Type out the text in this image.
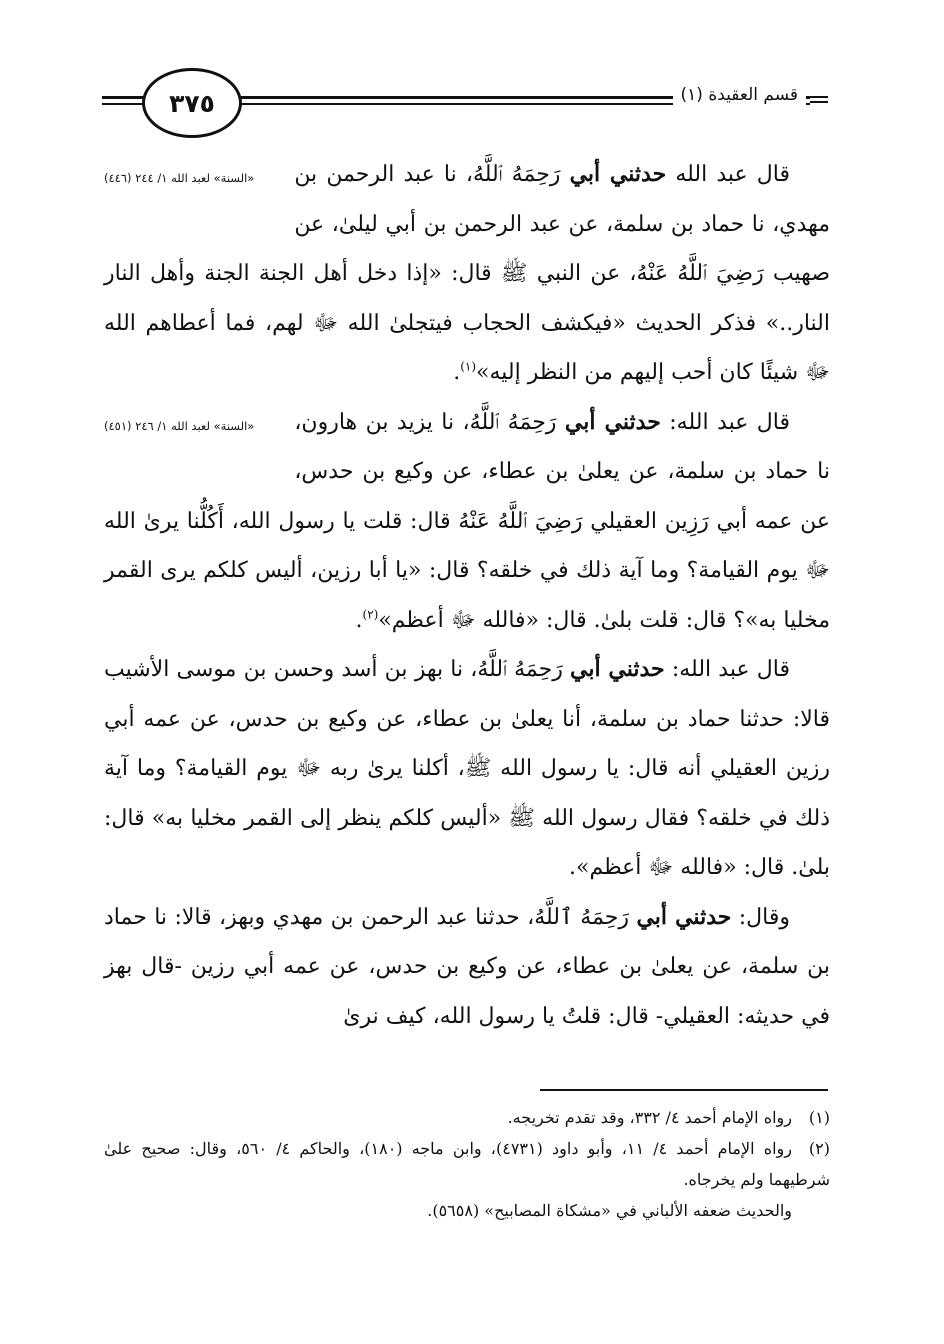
٣٧٥	قسم العقيدة (١)

«السنة» لعبد الله ١/ ٢٤٤ (٤٤٦)	قال عبد الله حدثني أبي رَحِمَهُ ٱللَّهُ، نا عبد الرحمن بن مهدي، نا حماد بن سلمة، عن عبد الرحمن بن أبي ليلىٰ، عن صهيب رَضِيَ ٱللَّهُ عَنْهُ، عن النبي ﷺ قال: «إذا دخل أهل الجنة الجنة وأهل النار النار..» فذكر الحديث «فيكشف الحجاب فيتجلىٰ الله ﷻ لهم، فما أعطاهم الله ﷻ شيئًا كان أحب إليهم من النظر إليه»$^{(١)}$.

«السنة» لعبد الله ١/ ٢٤٦ (٤٥١)	قال عبد الله: حدثني أبي رَحِمَهُ ٱللَّهُ، نا يزيد بن هارون، نا حماد بن سلمة، عن يعلىٰ بن عطاء، عن وكيع بن حدس، عن عمه أبي رَزِين العقيلي رَضِيَ ٱللَّهُ عَنْهُ قال: قلت يا رسول الله، أَكُلُّنا يرىٰ الله ﷻ يوم القيامة؟ وما آية ذلك في خلقه؟ قال: «يا أبا رزين، أليس كلكم يرى القمر مخليا به»؟ قال: قلت بلىٰ. قال: «فالله ﷻ أعظم»$^{(٢)}$.

قال عبد الله: حدثني أبي رَحِمَهُ ٱللَّهُ، نا بهز بن أسد وحسن بن موسى الأشيب قالا: حدثنا حماد بن سلمة، أنا يعلىٰ بن عطاء، عن وكيع بن حدس، عن عمه أبي رزين العقيلي أنه قال: يا رسول الله ﷺ، أكلنا يرىٰ ربه ﷻ يوم القيامة؟ وما آية ذلك في خلقه؟ فقال رسول الله ﷺ «أليس كلكم ينظر إلى القمر مخليا به» قال: بلىٰ. قال: «فالله ﷻ أعظم».

وقال: حدثني أبي رَحِمَهُ ٱللَّهُ، حدثنا عبد الرحمن بن مهدي وبهز، قالا: نا حماد بن سلمة، عن يعلىٰ بن عطاء، عن وكيع بن حدس، عن عمه أبي رزين -قال بهز في حديثه: العقيلي- قال: قلتُ يا رسول الله، كيف نرىٰ

(١)رواه الإمام أحمد ٤/ ٣٣٢، وقد تقدم تخريجه.

(٢)رواه الإمام أحمد ٤/ ١١، وأبو داود (٤٧٣١)، وابن ماجه (١٨٠)، والحاكم ٤/ ٥٦٠، وقال: صحيح علىٰ شرطيهما ولم يخرجاه.

والحديث ضعفه الألباني في «مشكاة المصابيح» (٥٦٥٨).
